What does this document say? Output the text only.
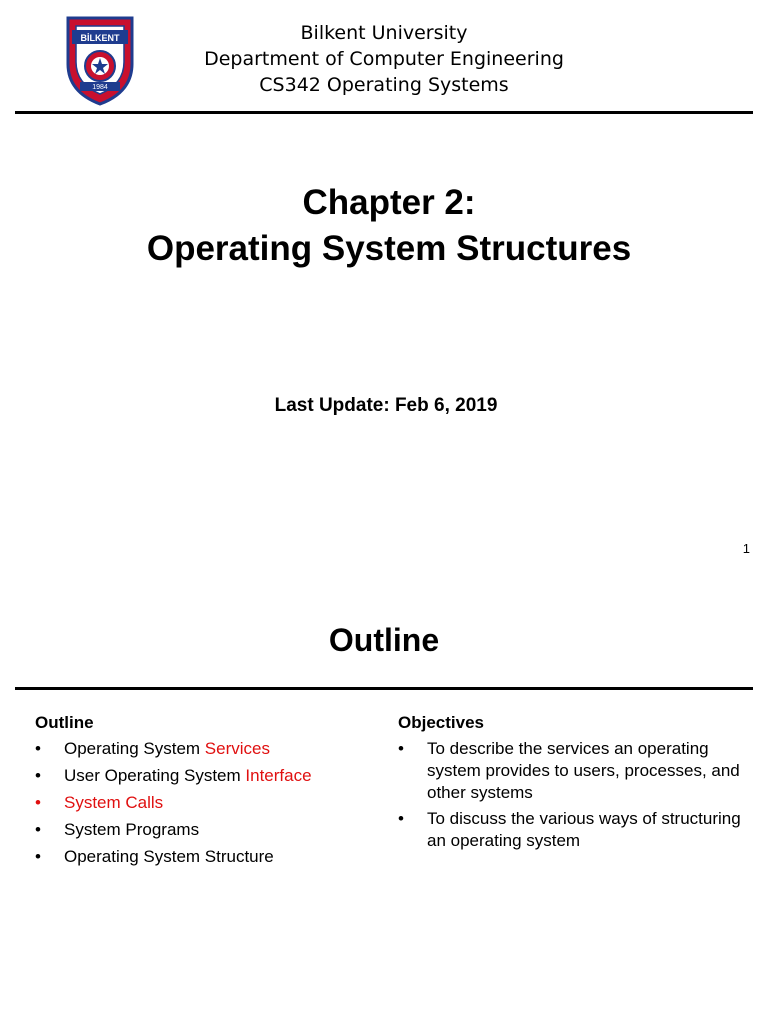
BİLKENT
1984
Bilkent University
Department of Computer Engineering
CS342 Operating Systems
Chapter 2:
Operating System Structures
Last Update: Feb 6, 2019
1
Outline
Outline
• Operating System Services
• User Operating System Interface
• System Calls
• System Programs
• Operating System Structure
Objectives
• To describe the services an operating system provides to users, processes, and other systems
• To discuss the various ways of structuring an operating system
